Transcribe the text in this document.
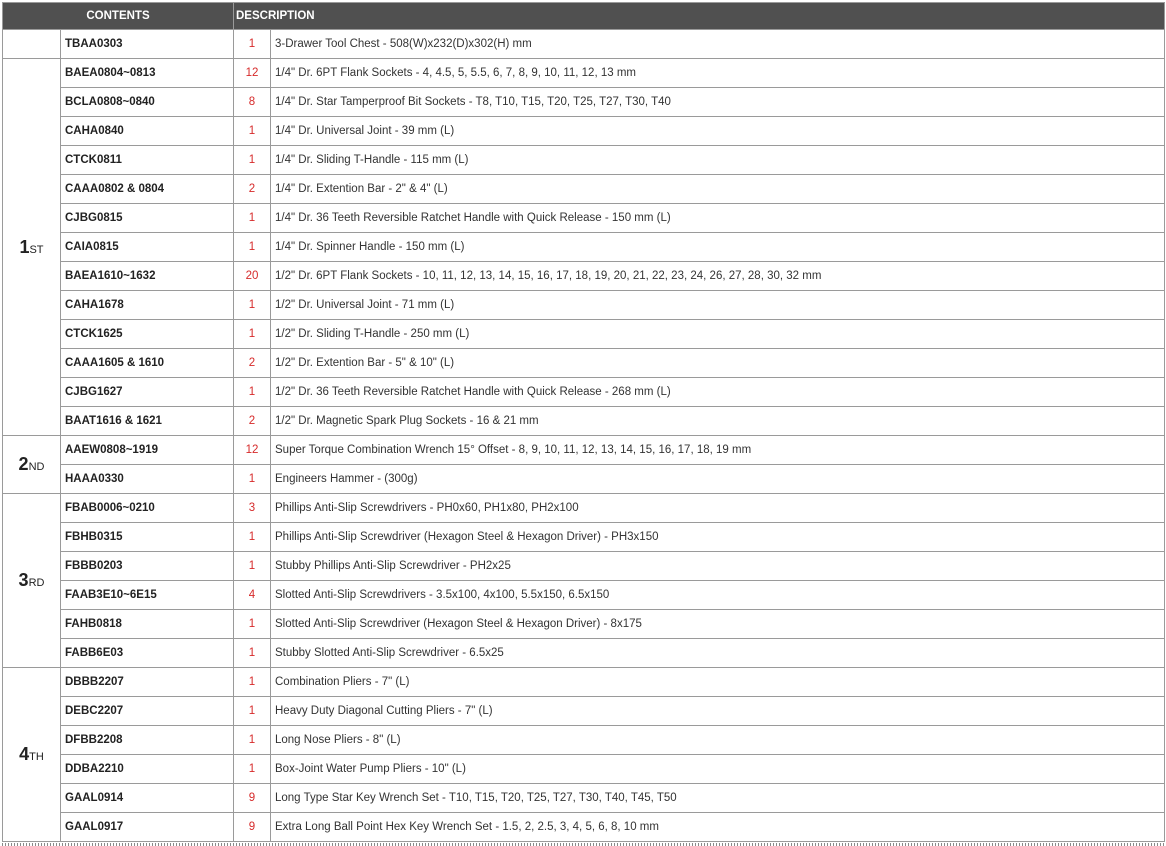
CONTENTS		DESCRIPTION	
	TBAA0303	1	3-Drawer Tool Chest - 508(W)x232(D)x302(H) mm
1ST	BAEA0804~0813	12	1/4" Dr. 6PT Flank Sockets - 4, 4.5, 5, 5.5, 6, 7, 8, 9, 10, 11, 12, 13 mm
	BCLA0808~0840	8	1/4" Dr. Star Tamperproof Bit Sockets - T8, T10, T15, T20, T25, T27, T30, T40
	CAHA0840	1	1/4" Dr. Universal Joint - 39 mm (L)
	CTCK0811	1	1/4" Dr. Sliding T-Handle - 115 mm (L)
	CAAA0802 & 0804	2	1/4" Dr. Extention Bar - 2" & 4" (L)
	CJBG0815	1	1/4" Dr. 36 Teeth Reversible Ratchet Handle with Quick Release - 150 mm (L)
	CAIA0815	1	1/4" Dr. Spinner Handle - 150 mm (L)
	BAEA1610~1632	20	1/2" Dr. 6PT Flank Sockets - 10, 11, 12, 13, 14, 15, 16, 17, 18, 19, 20, 21, 22, 23, 24, 26, 27, 28, 30, 32 mm
	CAHA1678	1	1/2" Dr. Universal Joint - 71 mm (L)
	CTCK1625	1	1/2" Dr. Sliding T-Handle - 250 mm (L)
	CAAA1605 & 1610	2	1/2" Dr. Extention Bar - 5" & 10" (L)
	CJBG1627	1	1/2" Dr. 36 Teeth Reversible Ratchet Handle with Quick Release - 268 mm (L)
	BAAT1616 & 1621	2	1/2" Dr. Magnetic Spark Plug Sockets - 16 & 21 mm
2ND	AAEW0808~1919	12	Super Torque Combination Wrench 15° Offset - 8, 9, 10, 11, 12, 13, 14, 15, 16, 17, 18, 19 mm
	HAAA0330	1	Engineers Hammer - (300g)
3RD	FBAB0006~0210	3	Phillips Anti-Slip Screwdrivers - PH0x60, PH1x80, PH2x100
	FBHB0315	1	Phillips Anti-Slip Screwdriver (Hexagon Steel & Hexagon Driver) - PH3x150
	FBBB0203	1	Stubby Phillips Anti-Slip Screwdriver - PH2x25
	FAAB3E10~6E15	4	Slotted Anti-Slip Screwdrivers - 3.5x100, 4x100, 5.5x150, 6.5x150
	FAHB0818	1	Slotted Anti-Slip Screwdriver (Hexagon Steel & Hexagon Driver) - 8x175
	FABB6E03	1	Stubby Slotted Anti-Slip Screwdriver - 6.5x25
4TH	DBBB2207	1	Combination Pliers - 7" (L)
	DEBC2207	1	Heavy Duty Diagonal Cutting Pliers - 7" (L)
	DFBB2208	1	Long Nose Pliers - 8" (L)
	DDBA2210	1	Box-Joint Water Pump Pliers - 10" (L)
	GAAL0914	9	Long Type Star Key Wrench Set - T10, T15, T20, T25, T27, T30, T40, T45, T50
	GAAL0917	9	Extra Long Ball Point Hex Key Wrench Set - 1.5, 2, 2.5, 3, 4, 5, 6, 8, 10 mm
